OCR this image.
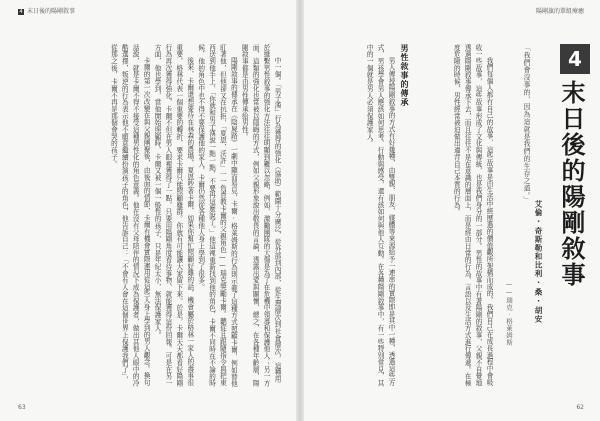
4 末日後的陽剛敘事

中一個。「男子漢」行為獲得的強化（協助）範圍十分廣泛，從外部到內部，從生理層次到社會層次，這種用於維繫男性敘事的強化方法往往明顯到難以忽略，例如，激勵團隊的大傷是為了在危機中領導和保護他人；另一方面，這類的強化也常被以隱晦的方式，例如父親形象說出敬畏的言論，透露出愛與關懷，總之，在各種年齡層，陽剛敘事都是由男性傳承給男性。

陽剛敘事的傳承在《陰屍路》一劇中顯而易見，卡爾‧格萊姆斯的行為則示範了這種方式照顧卡爾，例如替他盯著他，但他卻又在抗拒，「夏恩，沃許」一一負責教卡爾的父親角色——瑞克獎勵卡爾。聽從且跟隨指令與把東西送到他手上，「你就和男子漢說一點一點，不要再這麼說了。」他這裡重新找到他的角色，卡爾不同時在不論的時候，他的角色中也不得不要保護他的家人，卡爾仍然從各種他人身上學到了很多。

後來，卡爾還想要待在林森的農場，夏恩吵著卡爾，如果你幫忙照顧好雞的話，機會屬於格林一家人的壽事很重要，格林代表一個重要的轉折，要求卡爾只能照顧雞群。你就有可能讓大家留下來。於是，卡爾天天都看好陽剛行為再次獲得強化，卡爾不但在男人眼裡獲得了一點，只要用陽剛角度看待事物、就能獲得這份回報。可是在另一方面，他也學到，當他開始照顧時，卡爾又被一個一般性的孩子，只是年紀太小，無法保護家人。

卡爾的第一次改變在與父親團聚後，由後面的情節，卡爾有機會實際運用從這些人身上學到的男人觀念。換句話說，就是卡爾不得不接受這種男性化的角色意義。他在沒有父母陪伴的情況下成為保護者，做出其他人眼中的冷酷選擇，叛逆的行為表示他不願意繼續扮演孩子的角色，他告訴自己：「不會有人會在這個世界上保護我們了」，從那之後，卡爾不再是那個會哭的孩子。

63
陽剛旗的單組療癒
4
末日後的陽剛敘事
艾倫‧奇斯勒和比利‧桑‧胡安
「我們會沒事的，因為這就是我們的生存之道。」
——瑞克‧格萊姆斯

我們每個人都有自己的故事，這些故事是由生活中經歷過的價值觀所架構而成的，我們自己在成長過程中會吸收一些故事，這些故事形成了文化與傳統，也是我們身分的一部分。男性的故事中有著陽剛的敘事，父親不自覺地透過陽剛敘事傳承下去，而且往往不是在意識的層面上，而是經由日常的行為、言語以及生活方式進行傳遞。在極度危險的時候，男性經常被迫做出違背自己本質的行為。

男性敘事的傳承

男人傳授陽剛敘事的方式有好幾種，由雙親、朋友、媒體等來源給予一連串的實際即是其中一種，透過這些方式，男孩學會男人應該如何思考、行動與感受，還有該如何與他人互動。在各種陽剛敘事中，有一些特別常見，其中的一個就是男人必須保護家人。

62
